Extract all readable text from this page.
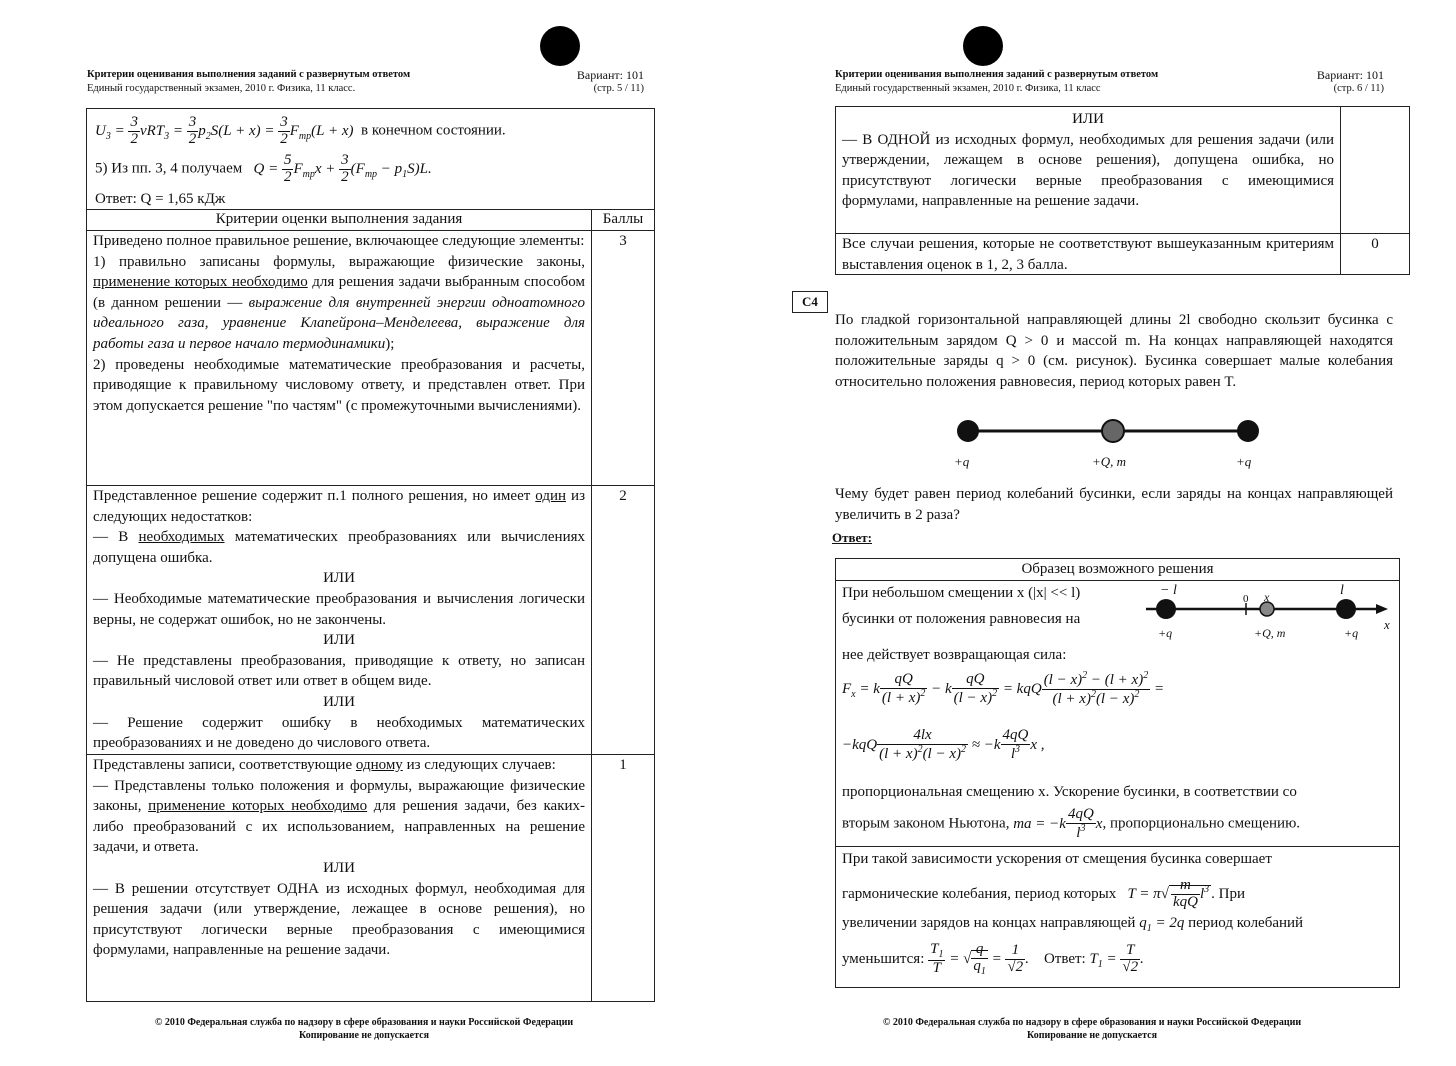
Критерии оценивания выполнения заданий с развернутым ответом
Единый государственный экзамен, 2010 г. Физика, 11 класс.
Вариант: 101
(стр. 5 / 11)
$U_3 = \frac{3}{2} \nu RT_3 = \frac{3}{2} p_2S(L + x) = \frac{3}{2} F_{тр}(L + x)$ в конечном состоянии.
5) Из пп. 3, 4 получаем $Q = \frac{5}{2} F_{тр}x + \frac{3}{2} (F_{тр} - p_1S)L$.
Ответ: Q = 1,65 кДж
Критерии оценки выполнения задания	Баллы
Приведено полное правильное решение, включающее следующие элементы:
1) правильно записаны формулы, выражающие физические законы, применение которых необходимо для решения задачи выбранным способом (в данном решении — выражение для внутренней энергии одноатомного идеального газа, уравнение Клапейрона–Менделеева, выражение для работы газа и первое начало термодинамики);
2) проведены необходимые математические преобразования и расчеты, приводящие к правильному числовому ответу, и представлен ответ. При этом допускается решение "по частям" (с промежуточными вычислениями).
3
Представленное решение содержит п.1 полного решения, но имеет один из следующих недостатков:
— В необходимых математических преобразованиях или вычислениях допущена ошибка.
ИЛИ
— Необходимые математические преобразования и вычисления логически верны, не содержат ошибок, но не закончены.
ИЛИ
— Не представлены преобразования, приводящие к ответу, но записан правильный числовой ответ или ответ в общем виде.
ИЛИ
— Решение содержит ошибку в необходимых математических преобразованиях и не доведено до числового ответа.
2
Представлены записи, соответствующие одному из следующих случаев:
— Представлены только положения и формулы, выражающие физические законы, применение которых необходимо для решения задачи, без каких-либо преобразований с их использованием, направленных на решение задачи, и ответа.
ИЛИ
— В решении отсутствует ОДНА из исходных формул, необходимая для решения задачи (или утверждение, лежащее в основе решения), но присутствуют логически верные преобразования с имеющимися формулами, направленные на решение задачи.
1
© 2010 Федеральная служба по надзору в сфере образования и науки Российской Федерации
Копирование не допускается
Критерии оценивания выполнения заданий с развернутым ответом
Единый государственный экзамен, 2010 г. Физика, 11 класс
Вариант: 101
(стр. 6 / 11)
ИЛИ
— В ОДНОЙ из исходных формул, необходимых для решения задачи (или утверждении, лежащем в основе решения), допущена ошибка, но присутствуют логически верные преобразования с имеющимися формулами, направленные на решение задачи.
Все случаи решения, которые не соответствуют вышеуказанным критериям выставления оценок в 1, 2, 3 балла.
0
C4
По гладкой горизонтальной направляющей длины 2l свободно скользит бусинка с положительным зарядом Q > 0 и массой m. На концах направляющей находятся положительные заряды q > 0 (см. рисунок). Бусинка совершает малые колебания относительно положения равновесия, период которых равен T.
+q	+Q, m	+q
Чему будет равен период колебаний бусинки, если заряды на концах направляющей увеличить в 2 раза?
Ответ:
Образец возможного решения
При небольшом смещении x (|x| << l)
бусинки от положения равновесия на
− l
0 x	l
x
+q	+Q, m	+q
нее действует возвращающая сила:
$F_x = k \frac{qQ}{(l + x)^2} - k \frac{qQ}{(l - x)^2}$ = kqQ $\frac{(l - x)^2 - (l + x)^2}{(l + x)^2(l - x)^2}$ =
$-kqQ \frac{4lx}{(l + x)^2(l - x)^2} \approx -k \frac{4qQ}{l^3}$ x ,
пропорциональная смещению x. Ускорение бусинки, в соответствии со
вторым законом Ньютона, ma = $-k \frac{4qQ}{l^3} x$, пропорционально смещению.
При такой зависимости ускорения от смещения бусинка совершает
гармонические колебания, период которых $T = \pi√ \frac{m}{\text{kqQ}} l^3$ . При
увеличении зарядов на концах направляющей $q_1 = 2q$ период колебаний
уменьшится: $\frac{T_1}{T}$ = √ $\frac{q}{q_1} = \frac{1}{√2}$ . Ответ: $T_1 = \frac{T}{√2}$ .
© 2010 Федеральная служба по надзору в сфере образования и науки Российской Федерации
Копирование не допускается
